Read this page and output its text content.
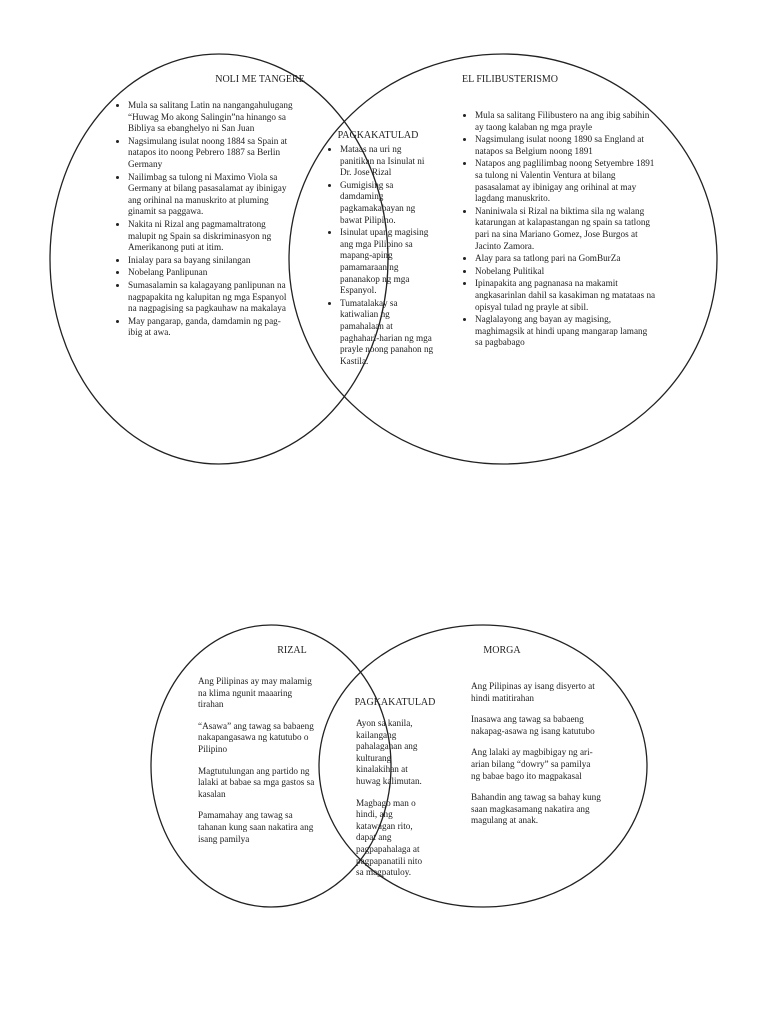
NOLI ME TANGERE	EL FILIBUSTERISMO
PAGKAKATULAD
• Mula sa salitang Latin na nangangahulugang “Huwag Mo akong Salingin”na hinango sa Bibliya sa ebanghelyo ni San Juan
• Nagsimulang isulat noong 1884 sa Spain at natapos ito noong Pebrero 1887 sa Berlin Germany
• Nailimbag sa tulong ni Maximo Viola sa Germany at bilang pasasalamat ay ibinigay ang orihinal na manuskrito at pluming ginamit sa paggawa.
• Nakita ni Rizal ang pagmamaltratong malupit ng Spain sa diskriminasyon ng Amerikanong puti at itim.
• Inialay para sa bayang sinilangan
• Nobelang Panlipunan
• Sumasalamin sa kalagayang panlipunan na nagpapakita ng kalupitan ng mga Espanyol na nagpagising sa pagkauhaw na makalaya
• May pangarap, ganda, damdamin ng pag-ibig at awa.
• Mataas na uri ng panitikan na Isinulat ni Dr. Jose Rizal
• Gumigising sa damdaming pagkamakabayan ng bawat Pilipino.
• Isinulat upang magising ang mga Pilipino sa mapang-aping pamamaraan ng pananakop ng mga Espanyol.
• Tumatalakay sa katiwalian ng pamahalaan at paghahari-harian ng mga prayle noong panahon ng Kastila.
• Mula sa salitang Filibustero na ang ibig sabihin ay taong kalaban ng mga prayle
• Nagsimulang isulat noong 1890 sa England at natapos sa Belgium noong 1891
• Natapos ang paglilimbag noong Setyembre 1891 sa tulong ni Valentin Ventura at bilang pasasalamat ay ibinigay ang orihinal at may lagdang manuskrito.
• Naniniwala si Rizal na biktima sila ng walang katarungan at kalapastangan ng spain sa tatlong pari na sina Mariano Gomez, Jose Burgos at Jacinto Zamora.
• Alay para sa tatlong pari na GomBurZa
• Nobelang Pulitikal
• Ipinapakita ang pagnanasa na makamit angkasarinlan dahil sa kasakiman ng matataas na opisyal tulad ng prayle at sibil.
• Naglalayong ang bayan ay magising, maghimagsik at hindi upang mangarap lamang sa pagbabago
RIZAL	MORGA
PAGKAKATULAD

Ang Pilipinas ay may malamig na klima ngunit maaaring tirahan

“Asawa” ang tawag sa babaeng nakapangasawa ng katutubo o Pilipino

Magtutulungan ang partido ng lalaki at babae sa mga gastos sa kasalan

Pamamahay ang tawag sa tahanan kung saan nakatira ang isang pamilya

Ayon sa kanila, kailangang pahalagahan ang kulturang kinalakihan at huwag kalimutan.

Magbago man o hindi, ang katawagan rito, dapat ang pagpapahalaga at pagpapanatili nito sa magpatuloy.

Ang Pilipinas ay isang disyerto at hindi matitirahan

Inasawa ang tawag sa babaeng nakapag-asawa ng isang katutubo

Ang lalaki ay magbibigay ng ari-arian bilang “dowry” sa pamilya ng babae bago ito magpakasal

Bahandin ang tawag sa bahay kung saan magkasamang nakatira ang magulang at anak.
